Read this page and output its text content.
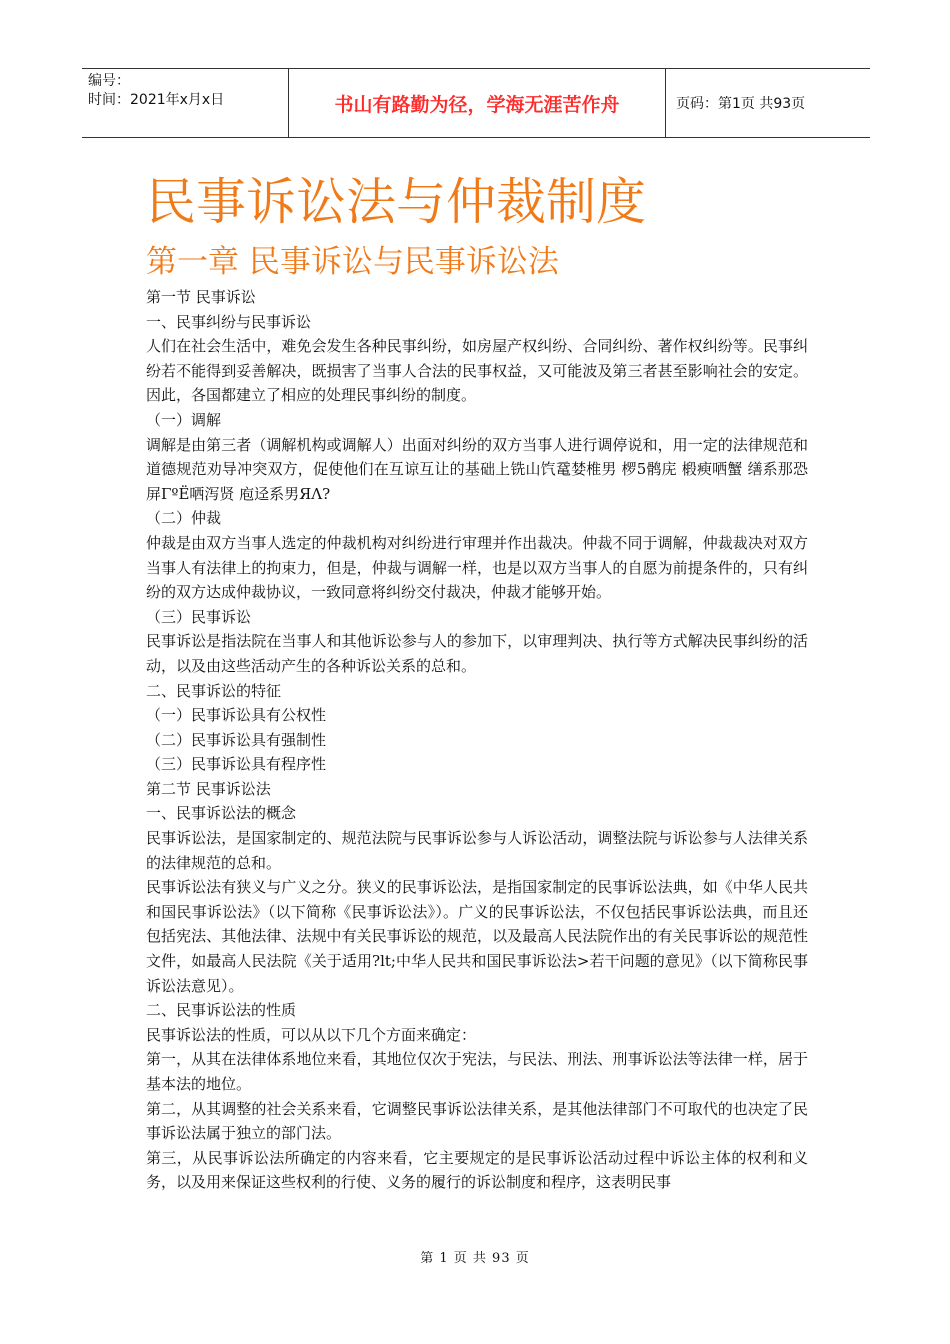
编号：
时间：2021年x月x日	书山有路勤为径，学海无涯苦作舟	页码：第1页 共93页
民事诉讼法与仲裁制度
第一章 民事诉讼与民事诉讼法

第一节 民事诉讼

一、民事纠纷与民事诉讼

人们在社会生活中，难免会发生各种民事纠纷，如房屋产权纠纷、合同纠纷、著作权纠纷等。民事纠纷若不能得到妥善解决，既损害了当事人合法的民事权益，又可能波及第三者甚至影响社会的安定。因此，各国都建立了相应的处理民事纠纷的制度。

（一）调解

调解是由第三者（调解机构或调解人）出面对纠纷的双方当事人进行调停说和，用一定的法律规范和道德规范劝导冲突双方，促使他们在互谅互让的基础上铣山饩鼋婪椎男 椤5鹘庑 椴瘐哂蟹 缮系那恐屏ΓºЁ哂泻贤 庖迳系男ЯΛ?

（二）仲裁

仲裁是由双方当事人选定的仲裁机构对纠纷进行审理并作出裁决。仲裁不同于调解，仲裁裁决对双方当事人有法律上的拘束力，但是，仲裁与调解一样，也是以双方当事人的自愿为前提条件的，只有纠纷的双方达成仲裁协议，一致同意将纠纷交付裁决，仲裁才能够开始。

（三）民事诉讼

民事诉讼是指法院在当事人和其他诉讼参与人的参加下，以审理判决、执行等方式解决民事纠纷的活动，以及由这些活动产生的各种诉讼关系的总和。

二、民事诉讼的特征

（一）民事诉讼具有公权性

（二）民事诉讼具有强制性

（三）民事诉讼具有程序性

第二节 民事诉讼法

一、民事诉讼法的概念

民事诉讼法，是国家制定的、规范法院与民事诉讼参与人诉讼活动，调整法院与诉讼参与人法律关系的法律规范的总和。

民事诉讼法有狭义与广义之分。狭义的民事诉讼法，是指国家制定的民事诉讼法典，如《中华人民共和国民事诉讼法》（以下简称《民事诉讼法》）。广义的民事诉讼法，不仅包括民事诉讼法典，而且还包括宪法、其他法律、法规中有关民事诉讼的规范，以及最高人民法院作出的有关民事诉讼的规范性文件，如最高人民法院《关于适用?lt;中华人民共和国民事诉讼法>若干问题的意见》（以下简称民事诉讼法意见）。

二、民事诉讼法的性质

民事诉讼法的性质，可以从以下几个方面来确定：

第一，从其在法律体系地位来看，其地位仅次于宪法，与民法、刑法、刑事诉讼法等法律一样，居于基本法的地位。

第二，从其调整的社会关系来看，它调整民事诉讼法律关系，是其他法律部门不可取代的也决定了民事诉讼法属于独立的部门法。

第三，从民事诉讼法所确定的内容来看，它主要规定的是民事诉讼活动过程中诉讼主体的权利和义务，以及用来保证这些权利的行使、义务的履行的诉讼制度和程序，这表明民事

第 1 页 共 93 页
